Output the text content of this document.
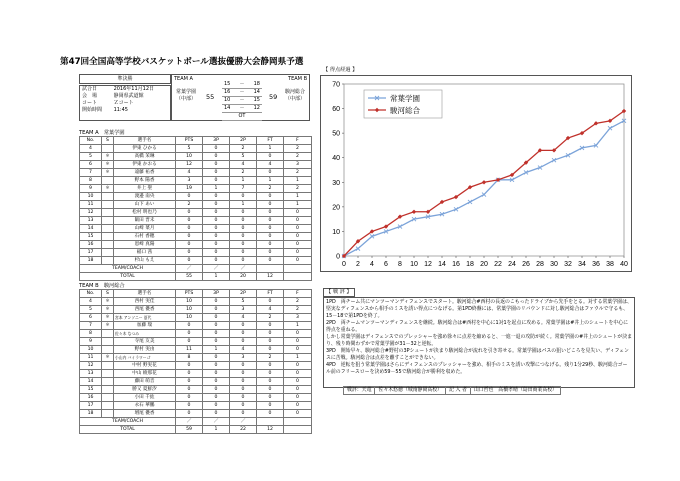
第47回全国高等学校バスケットボール選抜優勝大会静岡県予選
準決勝
試合日	2016年11月12日
会　場	静岡県武道館
コート	Ｚコート
開始時間	11:45
TEAM A	TEAM B
常葉学園
（中部） 55
15	－	18
16	－	14
10	－	15
14	－	12
	OT	
59
駿河総合
（中部）
TEAM A　常葉学園
No.	S	選手名	PTS	3P	2P	FT	F
4		伊東 ひかる	5	0	2	1	2
5	＊	高橋 茉琳	10	0	5	0	2
6	＊	伊東 かおる	12	0	4	4	3
7	＊	遠藤 祐香	4	0	2	0	2
8		野本 陽香	3	0	1	1	1
9	＊	井上 聖	19	1	7	2	2
10		渡邉 南央	0	0	0	0	1
11		山下 あい	2	0	1	0	1
12		松村 明也乃	0	0	0	0	0
13		飯田 晋未	0	0	0	0	0
14		山崎 菜月	0	0	0	0	0
15		石村 香穂	0	0	0	0	0
16		恩崎 真陽	0	0	0	0	0
17		稲口 茜	0	0	0	0	0
18		杉山 もえ	0	0	0	0	0
TEAM/COACH			／	／	／		
TOTAL			55	1	20	12	
TEAM B　駿河総合
No.	S	選手名	PTS	3P	2P	FT	F
4	＊	西村 実佳	10	0	5	0	2
5	＊	西尾 優香	10	0	3	4	2
6	＊	宮本 アンソニー 夏代	10	0	4	2	3
7	＊	加藤 瑞	0	0	0	0	1
8		佐々木 なつみ	0	0	0	0	0
9		寺尾 友美	0	0	0	0	0
10		野村 実由	11	1	4	0	0
11	＊	小山内 バイラワーゴ	8	0	3	2	1
12		中村 野実花	0	0	0	0	0
13		中山 綾那花	0	0	0	0	0
14		藤田 萌音	0	0	0	0	0
15		勝又 夏鮮汐	0	0	0	0	0
16		小田 千紘	0	0	0	0	0
17		永石 華鵬	0	0	0	0	0
18		増尾 優香	0	0	0	0	0
TEAM/COACH			／	／	／		
TOTAL			59	1	22	12	
【 得点経過 】
0
10
20
30
40
50
60
70
0 2 4 6 8 10 12 14 16 18 20 22 24 26 28 30 32 34 36 38 40
常葉学園
駿河総合
【 戦 評 】

1PD　両チーム共にマンツーマンディフェンスでスタート。駿河総合#西村の長返のこもったドライブから先手をとる。対する常葉学園は、堅実なディフェンスから相手のミスを誘い得点につなげる。第1PD終盤には、常葉学園のリバウンドに対し駿河総合はファウルで守るも、15－18で第1PDを終了。

2PD　両チームマンツーマンディフェンスを継続。駿河総合は#西村を中心に1対1を起点に攻める。常葉学園は#井上のシュートを中心に得点を重ねる。

しかし常葉学園はディフェンスでのプレッシャーを強め徐々に点差を縮めると、一進一退の攻防が続く。常葉学園の#井上のシュートが決まり、残り時間わずかで常葉学園が31－32と逆転。

3PD　開始早々、駿河総合#野村の3Pシュートが決まり駿河総合が流れを引き寄せる。常葉学園はパスの狙いどころを見失い、ディフェンスに苦戦。駿河総合は点差を離すことができない。

4PD　逆転を狙う常葉学園はさらにディフェンスのプレッシャーを強め、相手のミスを誘い攻撃につなげる。残り1分29秒、駿河総合ゴール前のフリースローを決め59－55で駿河総合が勝利を収めた。

戦評：天竜	佐々木悠徳（城南静岡高校）	記 入 者	山口哲也　高橋孝晴（島田商業高校）
